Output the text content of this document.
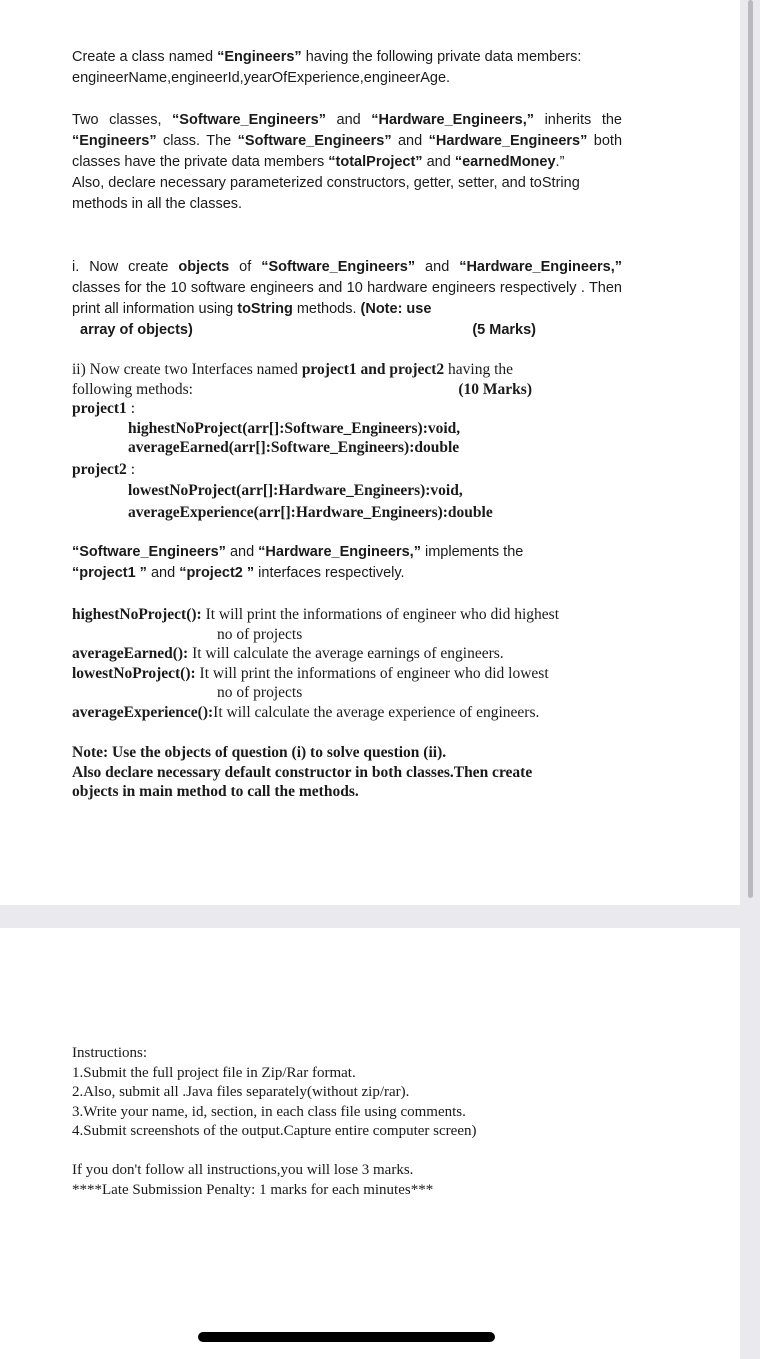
Create a class named “Engineers” having the following private data members:
engineerName,engineerId,yearOfExperience,engineerAge.
Two classes, “Software_Engineers” and “Hardware_Engineers,” inherits the “Engineers” class. The “Software_Engineers” and “Hardware_Engineers” both classes have the private data members “totalProject” and “earnedMoney.”
Also, declare necessary parameterized constructors, getter, setter, and toString methods in all the classes.
i. Now create objects of “Software_Engineers” and “Hardware_Engineers,” classes for the 10 software engineers and 10 hardware engineers respectively . Then print all information using toString methods. (Note: use
array of objects)	(5 Marks)
ii) Now create two Interfaces named project1 and project2 having the
following methods:	(10 Marks)
project1 :
highestNoProject(arr[]:Software_Engineers):void,
averageEarned(arr[]:Software_Engineers):double
project2 :
lowestNoProject(arr[]:Hardware_Engineers):void,
averageExperience(arr[]:Hardware_Engineers):double
“Software_Engineers” and “Hardware_Engineers,” implements the
“project1 ” and “project2 ” interfaces respectively.
highestNoProject(): It will print the informations of engineer who did highest
no of projects
averageEarned(): It will calculate the average earnings of engineers.
lowestNoProject(): It will print the informations of engineer who did lowest
no of projects
averageExperience():It will calculate the average experience of engineers.
Note: Use the objects of question (i) to solve question (ii).
Also declare necessary default constructor in both classes.Then create
objects in main method to call the methods.
Instructions:
1.Submit the full project file in Zip/Rar format.
2.Also, submit all .Java files separately(without zip/rar).
3.Write your name, id, section, in each class file using comments.
4.Submit screenshots of the output.Capture entire computer screen)
If you don't follow all instructions,you will lose 3 marks.
****Late Submission Penalty: 1 marks for each minutes***
